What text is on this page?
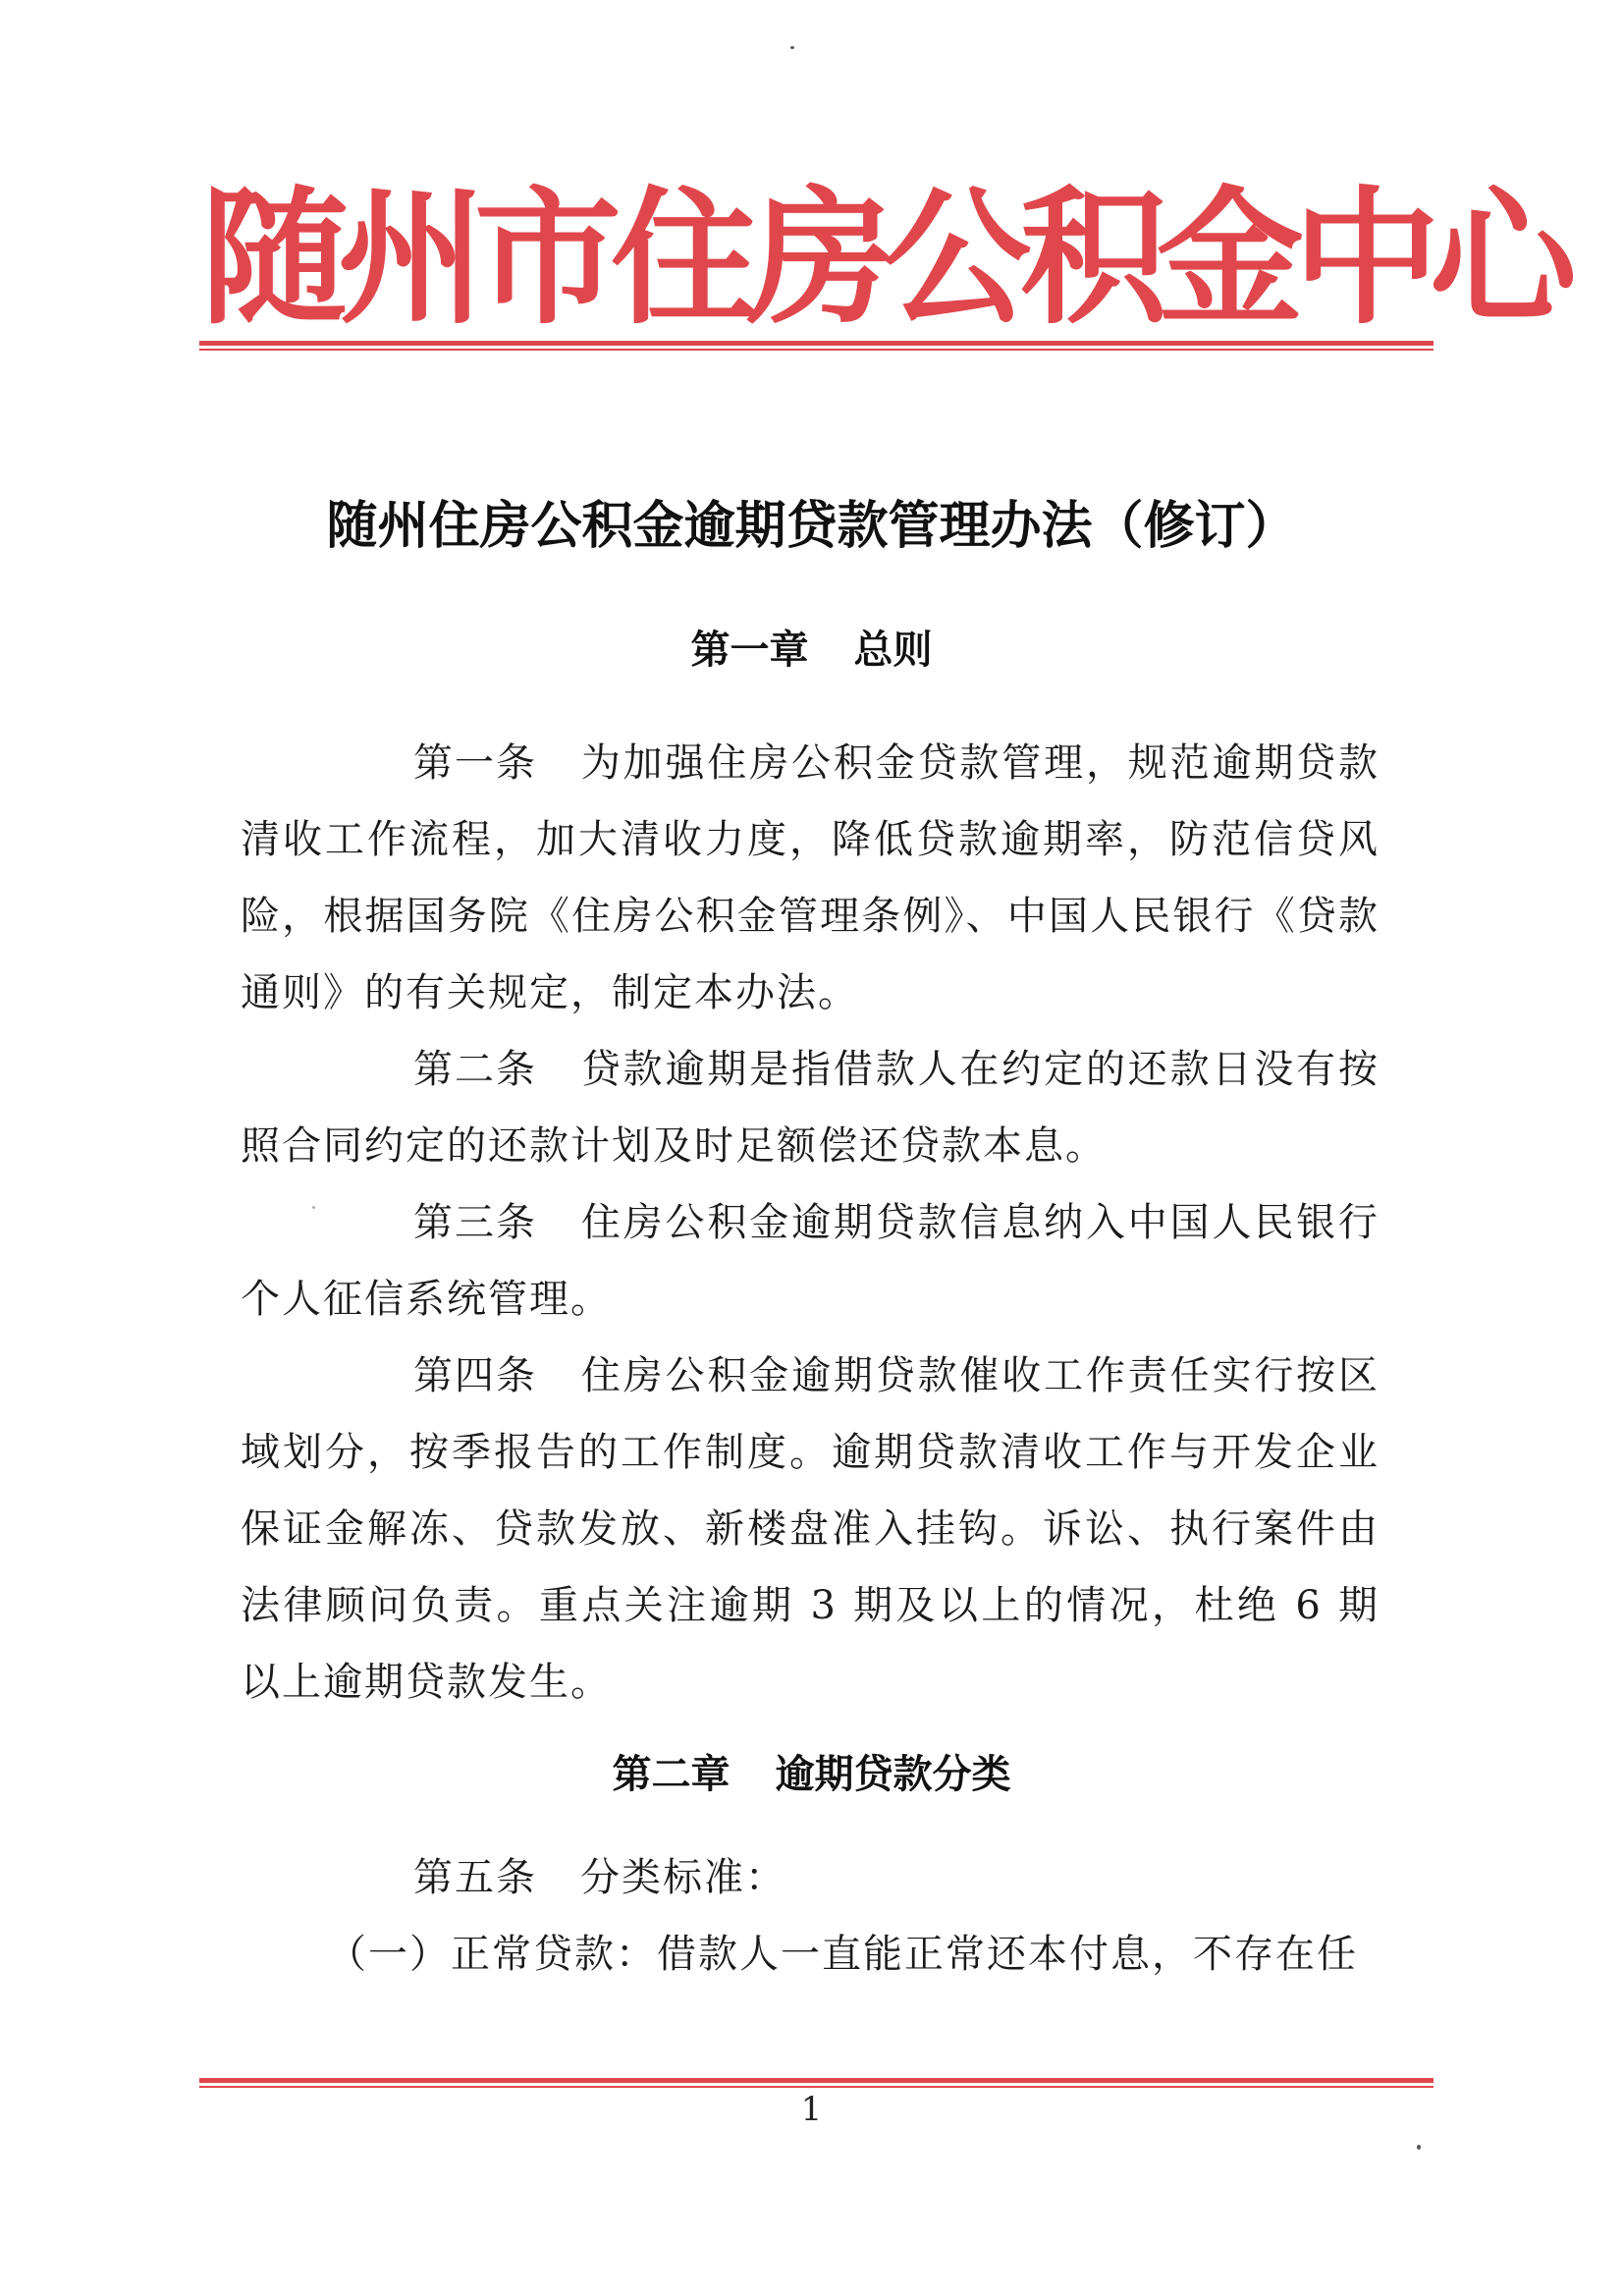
随
州
市
住
房
公
积
金
中
心
随州住房公积金逾期贷款管理办法（修订）
第一章 总则

第一条 为加强住房公积金贷款管理，规范逾期贷款清收工作流程，加大清收力度，降低贷款逾期率，防范信贷风险，根据国务院《住房公积金管理条例》、中国人民银行《贷款通则》的有关规定，制定本办法。

第二条 贷款逾期是指借款人在约定的还款日没有按照合同约定的还款计划及时足额偿还贷款本息。

第三条 住房公积金逾期贷款信息纳入中国人民银行个人征信系统管理。

第四条 住房公积金逾期贷款催收工作责任实行按区域划分，按季报告的工作制度。逾期贷款清收工作与开发企业保证金解冻、贷款发放、新楼盘准入挂钩。诉讼、执行案件由法律顾问负责。重点关注逾期 3 期及以上的情况，杜绝 6 期以上逾期贷款发生。

第二章 逾期贷款分类

第五条 分类标准：

（一）正常贷款：借款人一直能正常还本付息，不存在任

1
